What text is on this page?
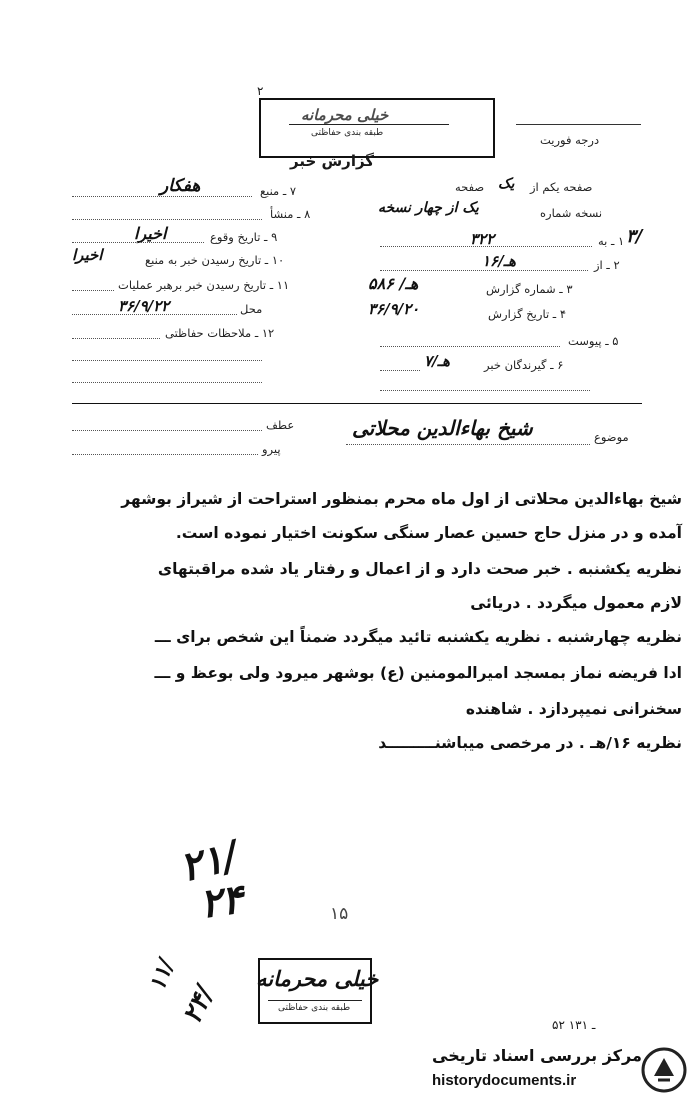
۲
خیلی محرمانه
طبقه بندی حفاظتی	درجه فوریت
گزارش خبر
۷ ـ منبع
هفکار
۸ ـ منشأ
۹ ـ تاریخ وقوع
اخیرا
۱۰ ـ تاریخ رسیدن خبر به منبع
اخیرا
۱۱ ـ تاریخ رسیدن خبر برهبر عملیات
محل
۳۶/۹/۲۲
۱۲ ـ ملاحظات حفاظتی
صفحه یک صفحه یکم از
نسخه شماره
یک از چهار نسخه
۱ ـ به
۳۲۲	۳/
۲ ـ از
۱۶/هـ
۳ ـ شماره گزارش
۵۸۶ /هـ
۴ ـ تاریخ گزارش
۳۶/۹/۲۰
۵ ـ پیوست
۶ ـ گیرندگان خبر
۷/هـ
عطف
پیرو
موضوع
شیخ بهاءالدین محلاتی
شیخ بهاءالدین محلاتی از اول ماه محرم بمنظور استراحت از شیراز بوشهر
آمده و در منزل حاج حسین عصار سنگی سکونت اختیار نموده است.
نظریه یکشنبه . خبر صحت دارد و از اعمال و رفتار یاد شده مراقبتهای
لازم معمول میگردد . دریائی
نظریه چهارشنبه . نظریه یکشنبه تائید میگردد ضمناً این شخص برای ـــ
ادا فریضه نماز بمسجد امیرالمومنین (ع) بوشهر میرود ولی بوعظ و ـــ
سخنرانی نمیپردازد . شاهنده
نظریه ۱۶/هـ . در مرخصی میباشنـــــــــد
۲۱/
۲۴	۱۵
۱۱/
۲۴/
خیلی محرمانه
طبقه بندی حفاظتی
۵۲ ـ ۱۳۱
مرکز بررسی اسناد تاریخی
historydocuments.ir
